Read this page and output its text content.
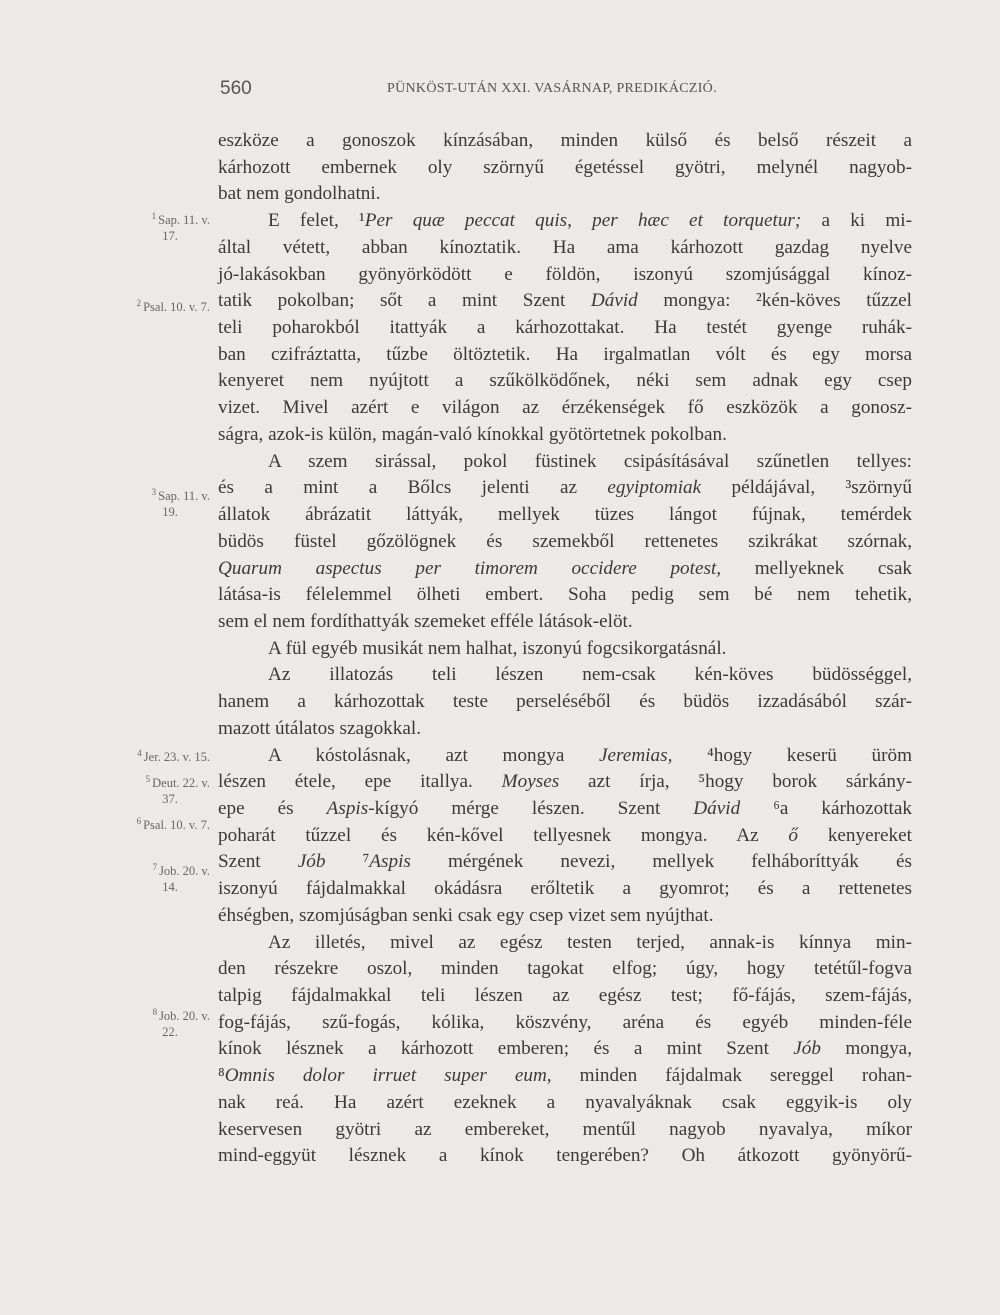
560	PÜNKÖST-UTÁN XXI. VASÁRNAP, PREDIKÁCZIÓ.
$^1$ Sap. 11. v.
17.
$^2$ Psal. 10. v. 7.
$^3$ Sap. 11. v.
19.
$^4$ Jer. 23. v. 15.
$^5$ Deut. 22. v.
37.
$^6$ Psal. 10. v. 7.
$^7$ Job. 20. v.
14.
$^8$ Job. 20. v.
22.
eszköze a gonoszok kínzásában, minden külső és belső részeit a
kárhozott embernek oly szörnyű égetéssel gyötri, melynél nagyob-
bat nem gondolhatni.
E felet, ¹Per quæ peccat quis, per hæc et torquetur; a ki mi-
által vétett, abban kínoztatik. Ha ama kárhozott gazdag nyelve
jó-lakásokban gyönyörködött e földön, iszonyú szomjúsággal kínoz-
tatik pokolban; sőt a mint Szent Dávid mongya: ²kén-köves tűzzel
teli poharokból itattyák a kárhozottakat. Ha testét gyenge ruhák-
ban czifráztatta, tűzbe öltöztetik. Ha irgalmatlan vólt és egy morsa
kenyeret nem nyújtott a szűkölködőnek, néki sem adnak egy csep
vizet. Mivel azért e világon az érzékenségek fő eszközök a gonosz-
ságra, azok-is külön, magán-való kínokkal gyötörtetnek pokolban.
A szem sirással, pokol füstinek csipásításával szűnetlen tellyes:
és a mint a Bőlcs jelenti az egyiptomiak példájával, ³szörnyű
állatok ábrázatit láttyák, mellyek tüzes lángot fújnak, temérdek
büdös füstel gőzölögnek és szemekből rettenetes szikrákat szórnak,
Quarum aspectus per timorem occidere potest, mellyeknek csak
látása-is félelemmel ölheti embert. Soha pedig sem bé nem tehetik,
sem el nem fordíthattyák szemeket efféle látások-elöt.
A fül egyéb musikát nem halhat, iszonyú fogcsikorgatásnál.
Az illatozás teli lészen nem-csak kén-köves büdösséggel,
hanem a kárhozottak teste perseléséből és büdös izzadásából szár-
mazott útálatos szagokkal.
A kóstolásnak, azt mongya Jeremias, ⁴hogy keserü üröm
lészen étele, epe itallya. Moyses azt írja, ⁵hogy borok sárkány-
epe és Aspis-kígyó mérge lészen. Szent Dávid ⁶a kárhozottak
poharát tűzzel és kén-kővel tellyesnek mongya. Az ő kenyereket
Szent Jób ⁷Aspis mérgének nevezi, mellyek felháboríttyák és
iszonyú fájdalmakkal okádásra erőltetik a gyomrot; és a rettenetes
éhségben, szomjúságban senki csak egy csep vizet sem nyújthat.
Az illetés, mivel az egész testen terjed, annak-is kínnya min-
den részekre oszol, minden tagokat elfog; úgy, hogy tetétűl-fogva
talpig fájdalmakkal teli lészen az egész test; fő-fájás, szem-fájás,
fog-fájás, szű-fogás, kólika, köszvény, aréna és egyéb minden-féle
kínok lésznek a kárhozott emberen; és a mint Szent Jób mongya,
⁸Omnis dolor irruet super eum, minden fájdalmak sereggel rohan-
nak reá. Ha azért ezeknek a nyavalyáknak csak eggyik-is oly
keservesen gyötri az embereket, mentűl nagyob nyavalya, míkor
mind-eggyüt lésznek a kínok tengerében? Oh átkozott gyönyörű-
